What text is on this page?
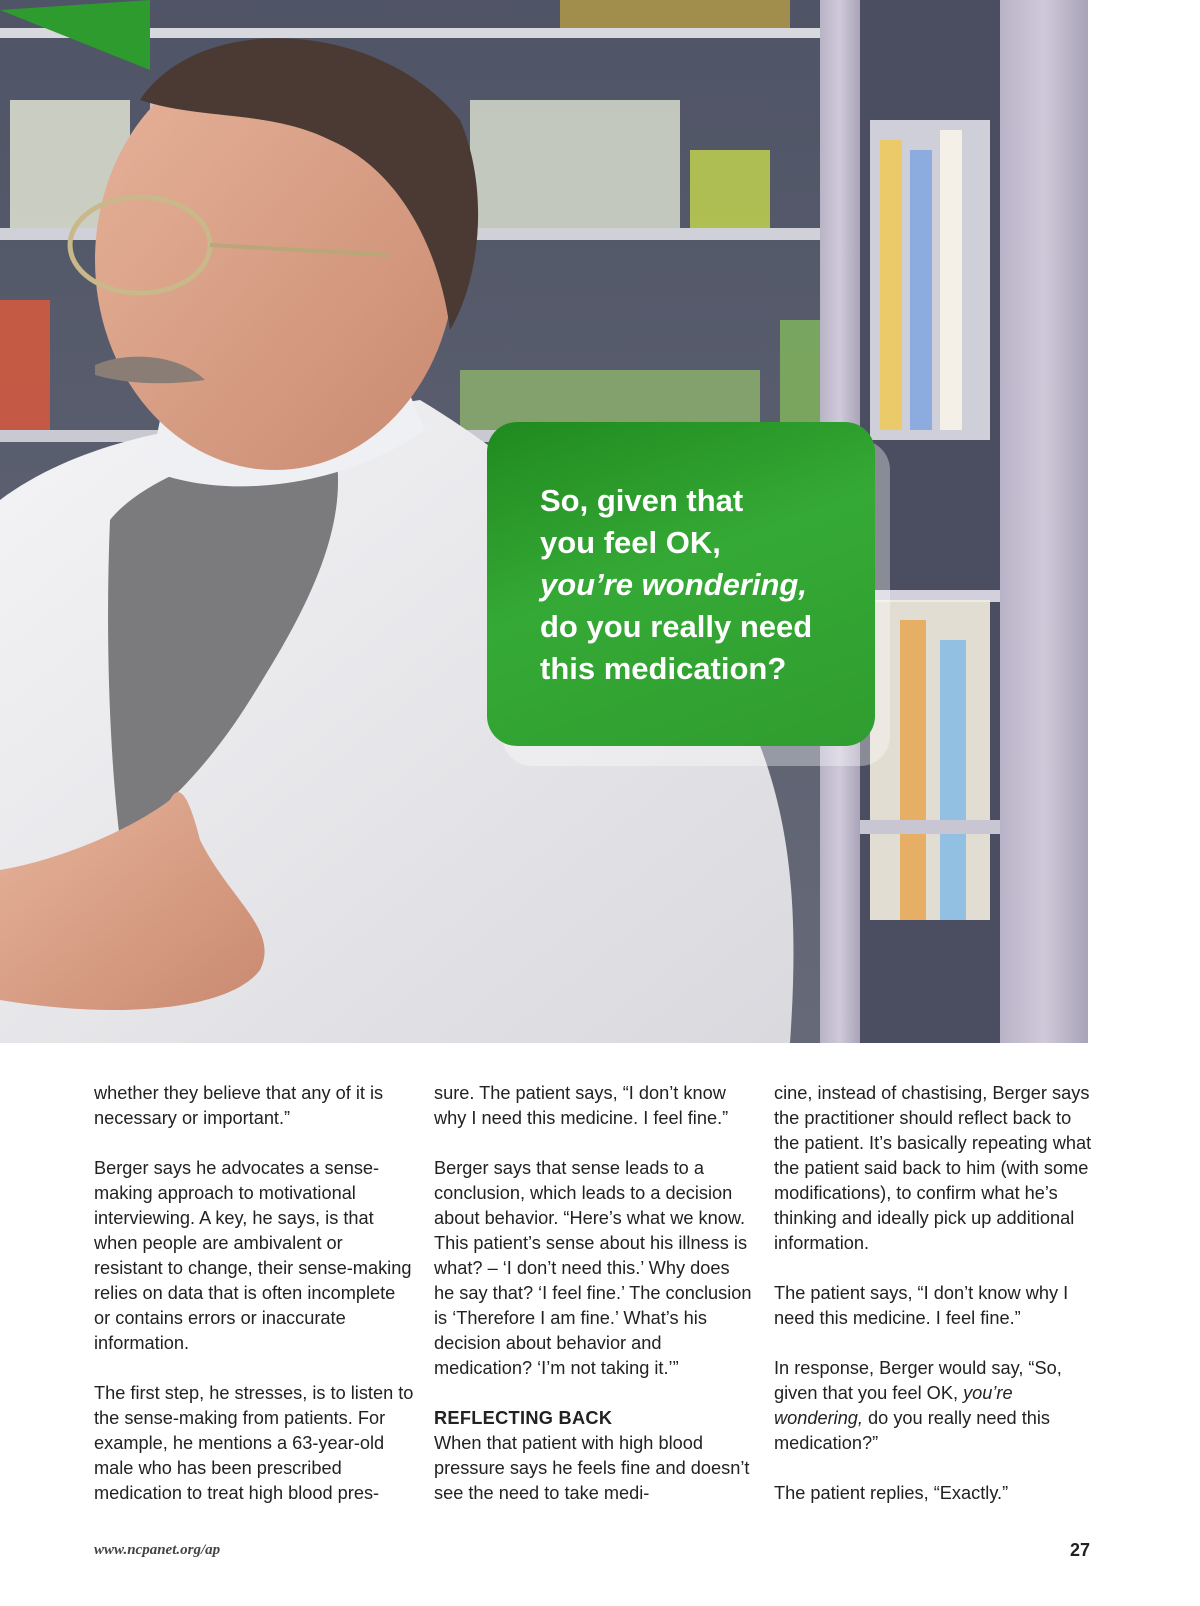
So, given that
you feel OK,
you’re wondering,
do you really need
this medication?

whether they believe that any of it is necessary or important.”

Berger says he advocates a sense-making approach to motivational interviewing. A key, he says, is that when people are ambivalent or resistant to change, their sense-making relies on data that is often incomplete or contains errors or inaccurate information.

The first step, he stresses, is to listen to the sense-making from patients. For example, he mentions a 63-year-old male who has been prescribed medication to treat high blood pres-

sure. The patient says, “I don’t know why I need this medicine. I feel fine.”

Berger says that sense leads to a conclusion, which leads to a decision about behavior. “Here’s what we know. This patient’s sense about his illness is what? – ‘I don’t need this.’ Why does he say that? ‘I feel fine.’ The conclusion is ‘Therefore I am fine.’ What’s his decision about behavior and medication? ‘I’m not taking it.’”

REFLECTING BACK

When that patient with high blood pressure says he feels fine and doesn’t see the need to take medi-

cine, instead of chastising, Berger says the practitioner should reflect back to the patient. It’s basically repeating what the patient said back to him (with some modifications), to confirm what he’s thinking and ideally pick up additional information.

The patient says, “I don’t know why I need this medicine. I feel fine.”

In response, Berger would say, “So, given that you feel OK, you’re wondering, do you really need this medication?”

The patient replies, “Exactly.”

www.ncpanet.org/ap	27
